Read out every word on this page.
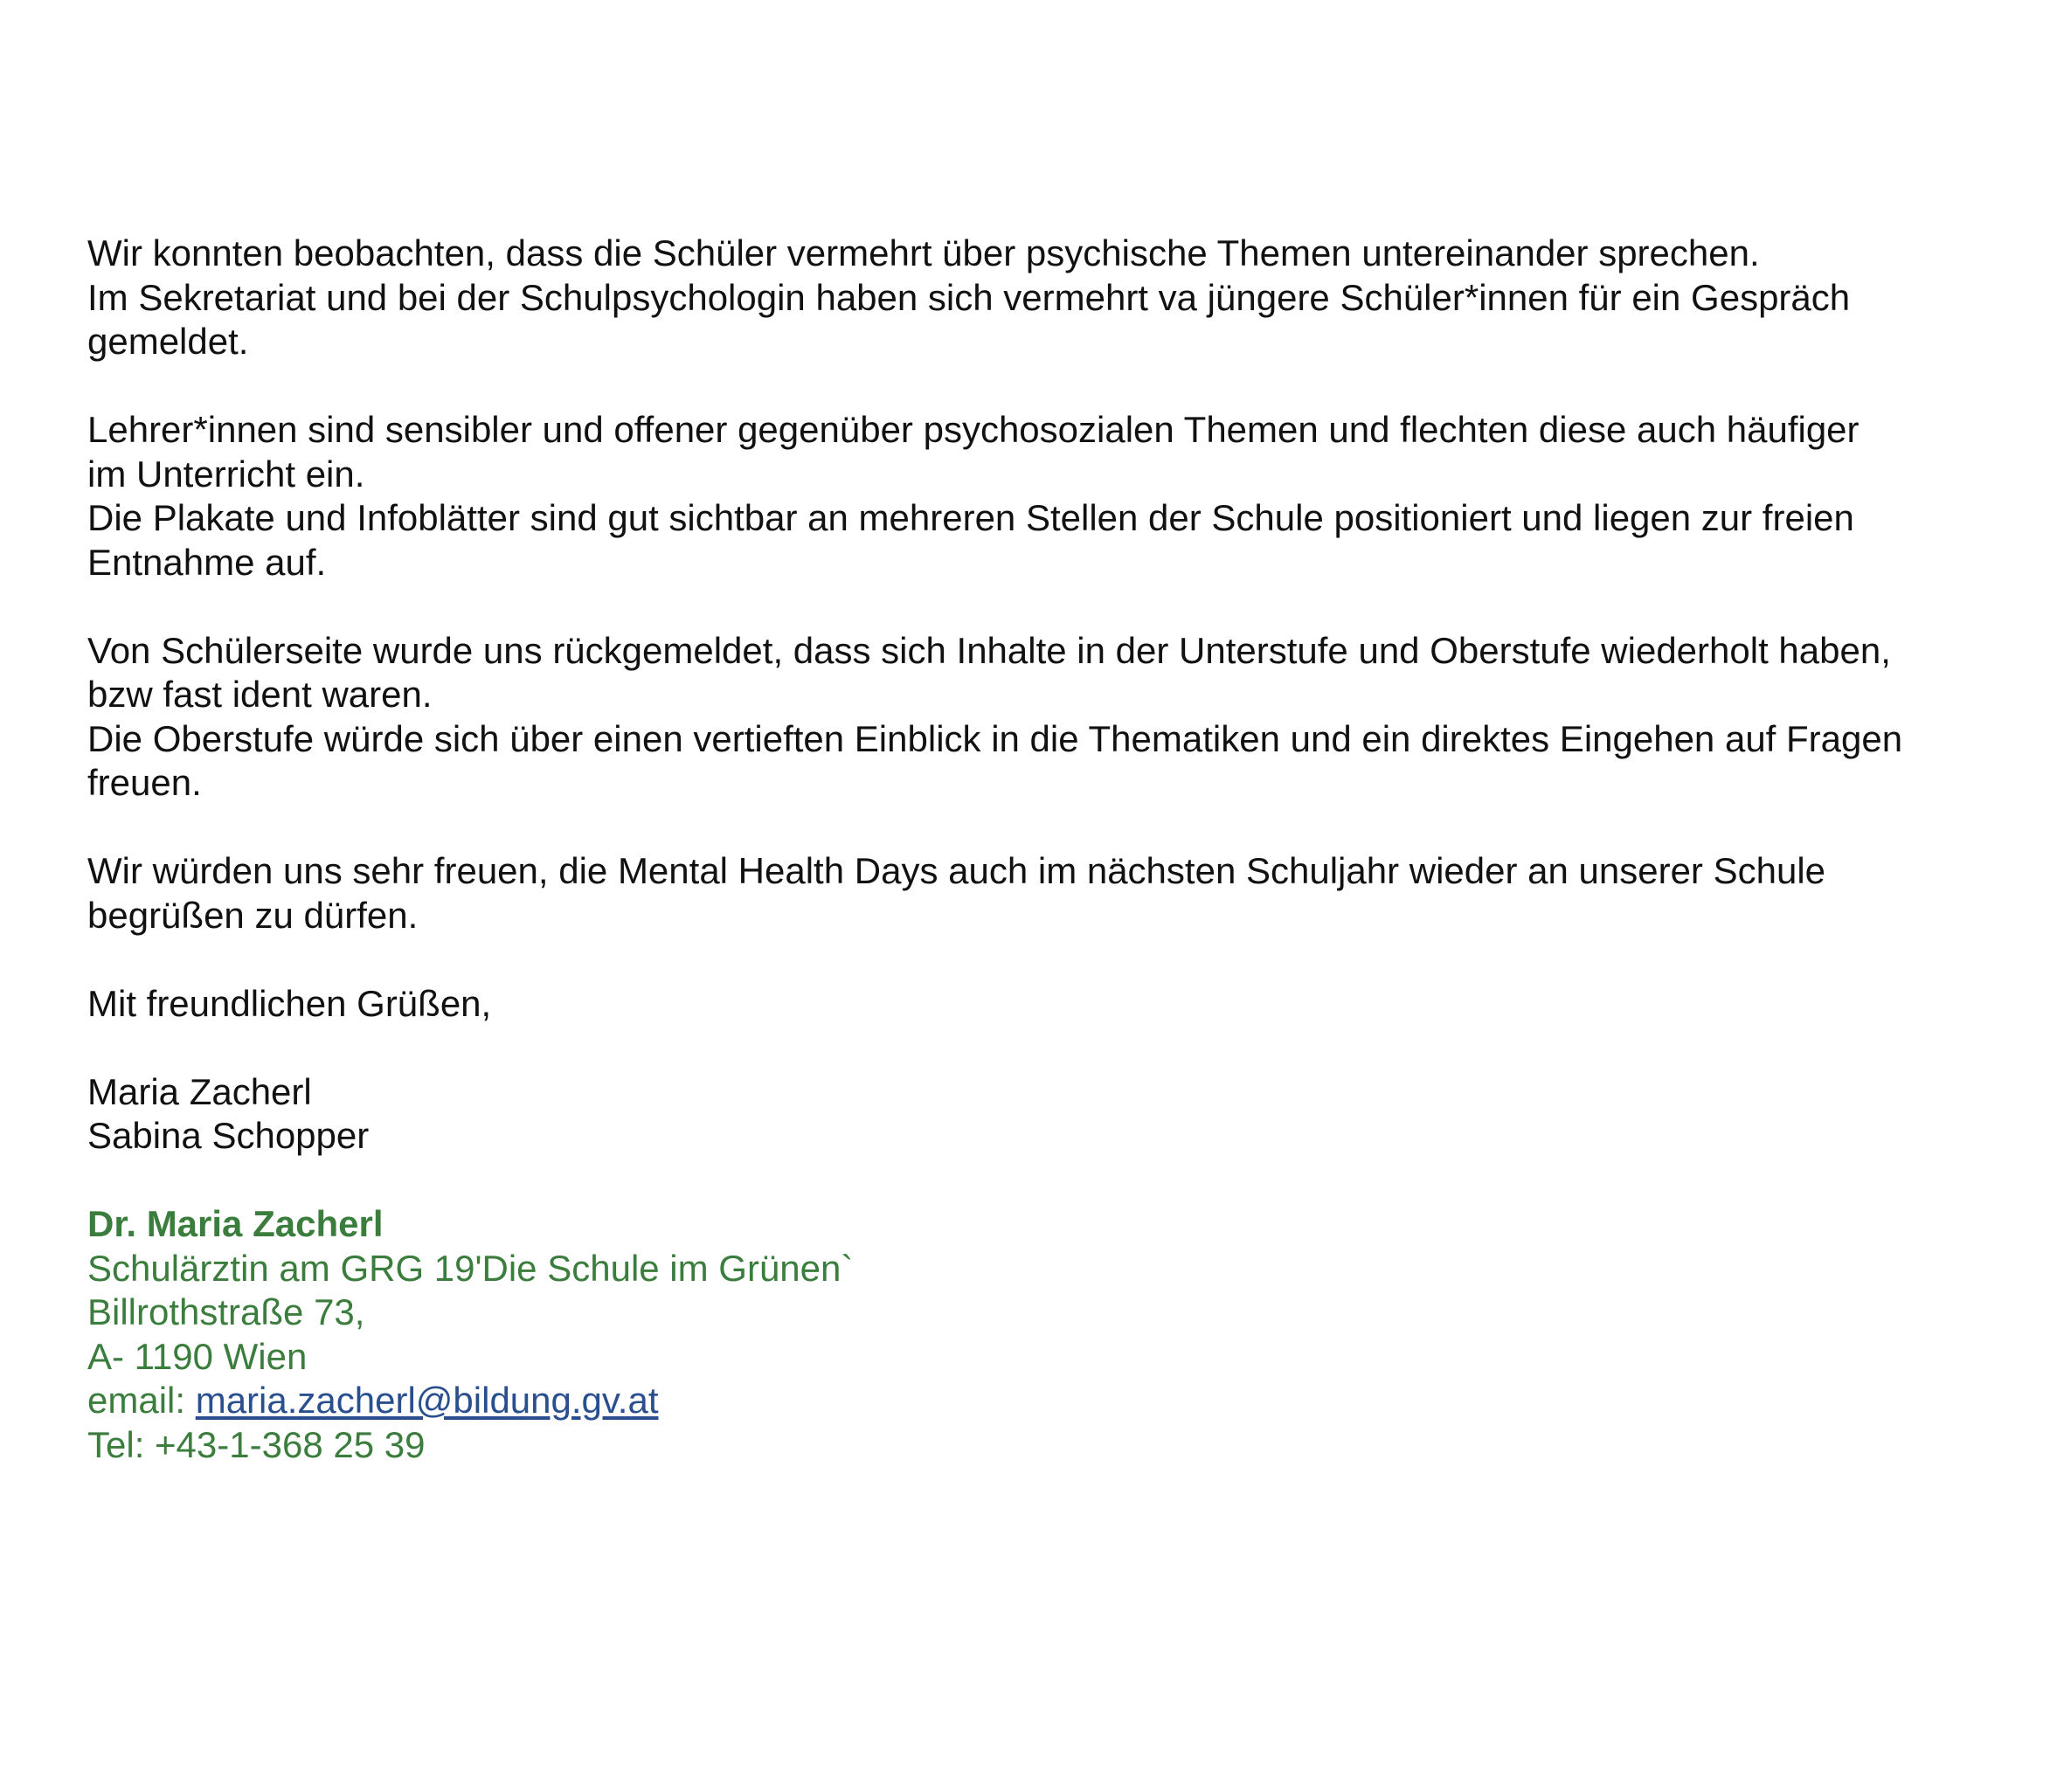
Wir konnten beobachten, dass die Schüler vermehrt über psychische Themen untereinander sprechen.
Im Sekretariat und bei der Schulpsychologin haben sich vermehrt va jüngere Schüler*innen für ein Gespräch
gemeldet.
Lehrer*innen sind sensibler und offener gegenüber psychosozialen Themen und flechten diese auch häufiger
im Unterricht ein.
Die Plakate und Infoblätter sind gut sichtbar an mehreren Stellen der Schule positioniert und liegen zur freien
Entnahme auf.
Von Schülerseite wurde uns rückgemeldet, dass sich Inhalte in der Unterstufe und Oberstufe wiederholt haben,
bzw fast ident waren.
Die Oberstufe würde sich über einen vertieften Einblick in die Thematiken und ein direktes Eingehen auf Fragen
freuen.
Wir würden uns sehr freuen, die Mental Health Days auch im nächsten Schuljahr wieder an unserer Schule
begrüßen zu dürfen.
Mit freundlichen Grüßen,
Maria Zacherl
Sabina Schopper
Dr. Maria Zacherl
Schulärztin am GRG 19'Die Schule im Grünen`
Billrothstraße 73,
A- 1190 Wien
email: maria.zacherl@bildung.gv.at
Tel: +43-1-368 25 39
